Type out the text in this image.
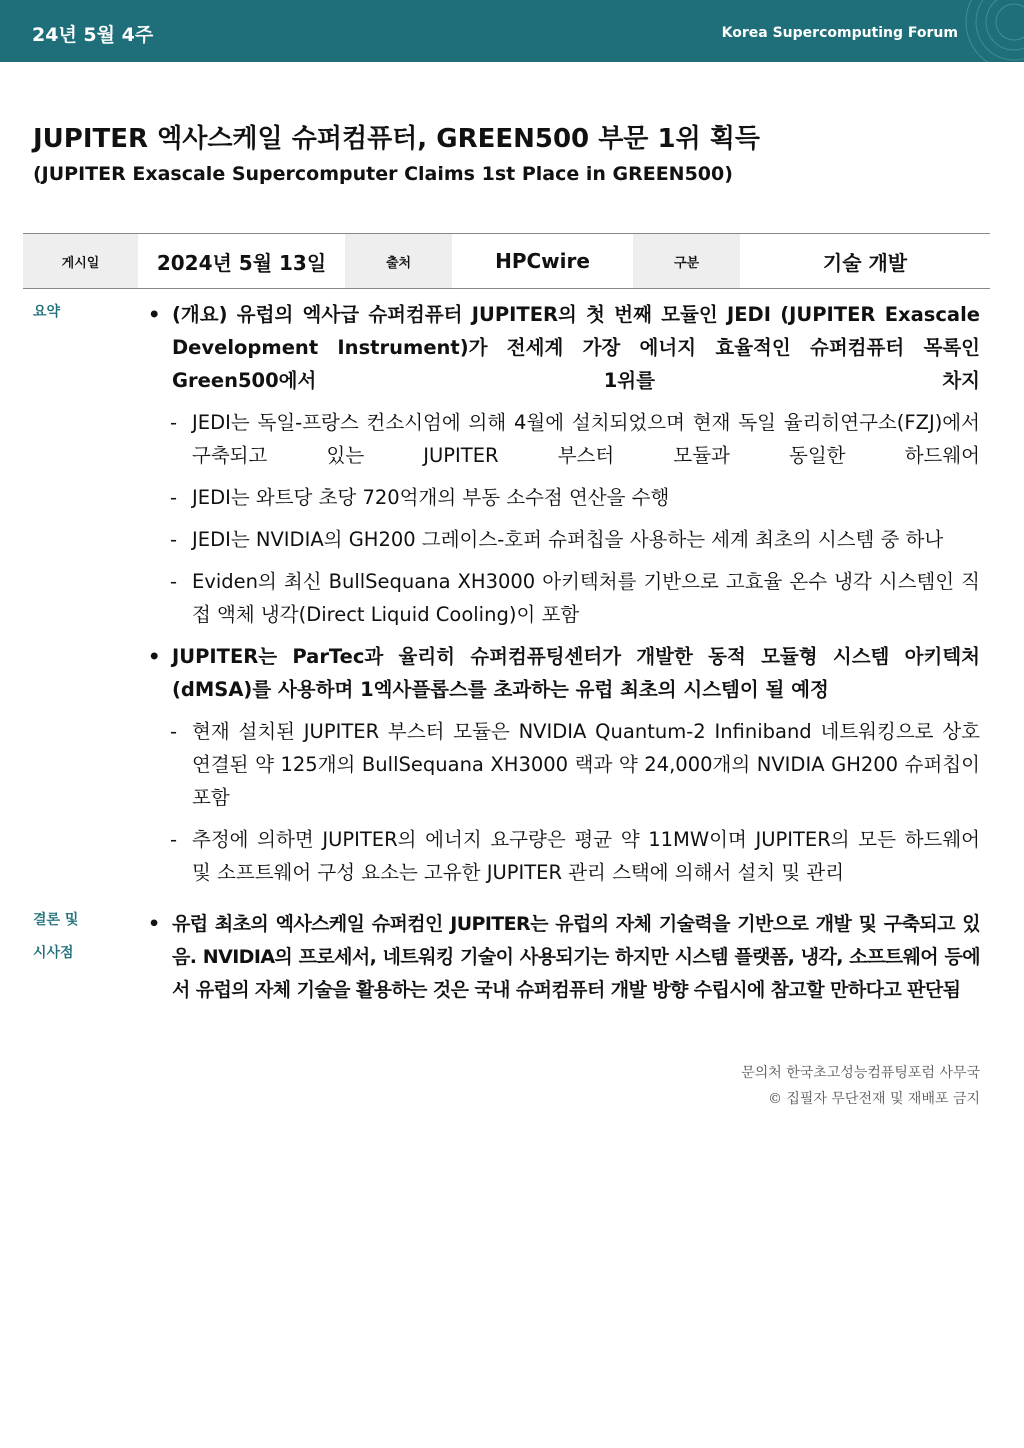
24년 5월 4주	Korea Supercomputing Forum
JUPITER 엑사스케일 슈퍼컴퓨터, GREEN500 부문 1위 획득
(JUPITER Exascale Supercomputer Claims 1st Place in GREEN500)
게시일	2024년 5월 13일	출처	HPCwire	구분	기술 개발
요약	• (개요) 유럽의 엑사급 슈퍼컴퓨터 JUPITER의 첫 번째 모듈인 JEDI (JUPITER Exascale Development Instrument)가 전세계 가장 에너지 효율적인 슈퍼컴퓨터 목록인 Green500에서 1위를 차지
- JEDI는 독일-프랑스 컨소시엄에 의해 4월에 설치되었으며 현재 독일 율리히연구소(FZJ)에서 구축되고 있는 JUPITER 부스터 모듈과 동일한 하드웨어
- JEDI는 와트당 초당 720억개의 부동 소수점 연산을 수행
- JEDI는 NVIDIA의 GH200 그레이스-호퍼 슈퍼칩을 사용하는 세계 최초의 시스템 중 하나
- Eviden의 최신 BullSequana XH3000 아키텍처를 기반으로 고효율 온수 냉각 시스템인 직접 액체 냉각(Direct Liquid Cooling)이 포함
• JUPITER는 ParTec과 율리히 슈퍼컴퓨팅센터가 개발한 동적 모듈형 시스템 아키텍처(dMSA)를 사용하며 1엑사플롭스를 초과하는 유럽 최초의 시스템이 될 예정
- 현재 설치된 JUPITER 부스터 모듈은 NVIDIA Quantum-2 Infiniband 네트워킹으로 상호 연결된 약 125개의 BullSequana XH3000 랙과 약 24,000개의 NVIDIA GH200 슈퍼칩이 포함
- 추정에 의하면 JUPITER의 에너지 요구량은 평균 약 11MW이며 JUPITER의 모든 하드웨어 및 소프트웨어 구성 요소는 고유한 JUPITER 관리 스택에 의해서 설치 및 관리
결론 및
시사점
• 유럽 최초의 엑사스케일 슈퍼컴인 JUPITER는 유럽의 자체 기술력을 기반으로 개발 및 구축되고 있음. NVIDIA의 프로세서, 네트워킹 기술이 사용되기는 하지만 시스템 플랫폼, 냉각, 소프트웨어 등에서 유럽의 자체 기술을 활용하는 것은 국내 슈퍼컴퓨터 개발 방향 수립시에 참고할 만하다고 판단됨
문의처 한국초고성능컴퓨팅포럼 사무국
© 집필자 무단전재 및 재배포 금지
